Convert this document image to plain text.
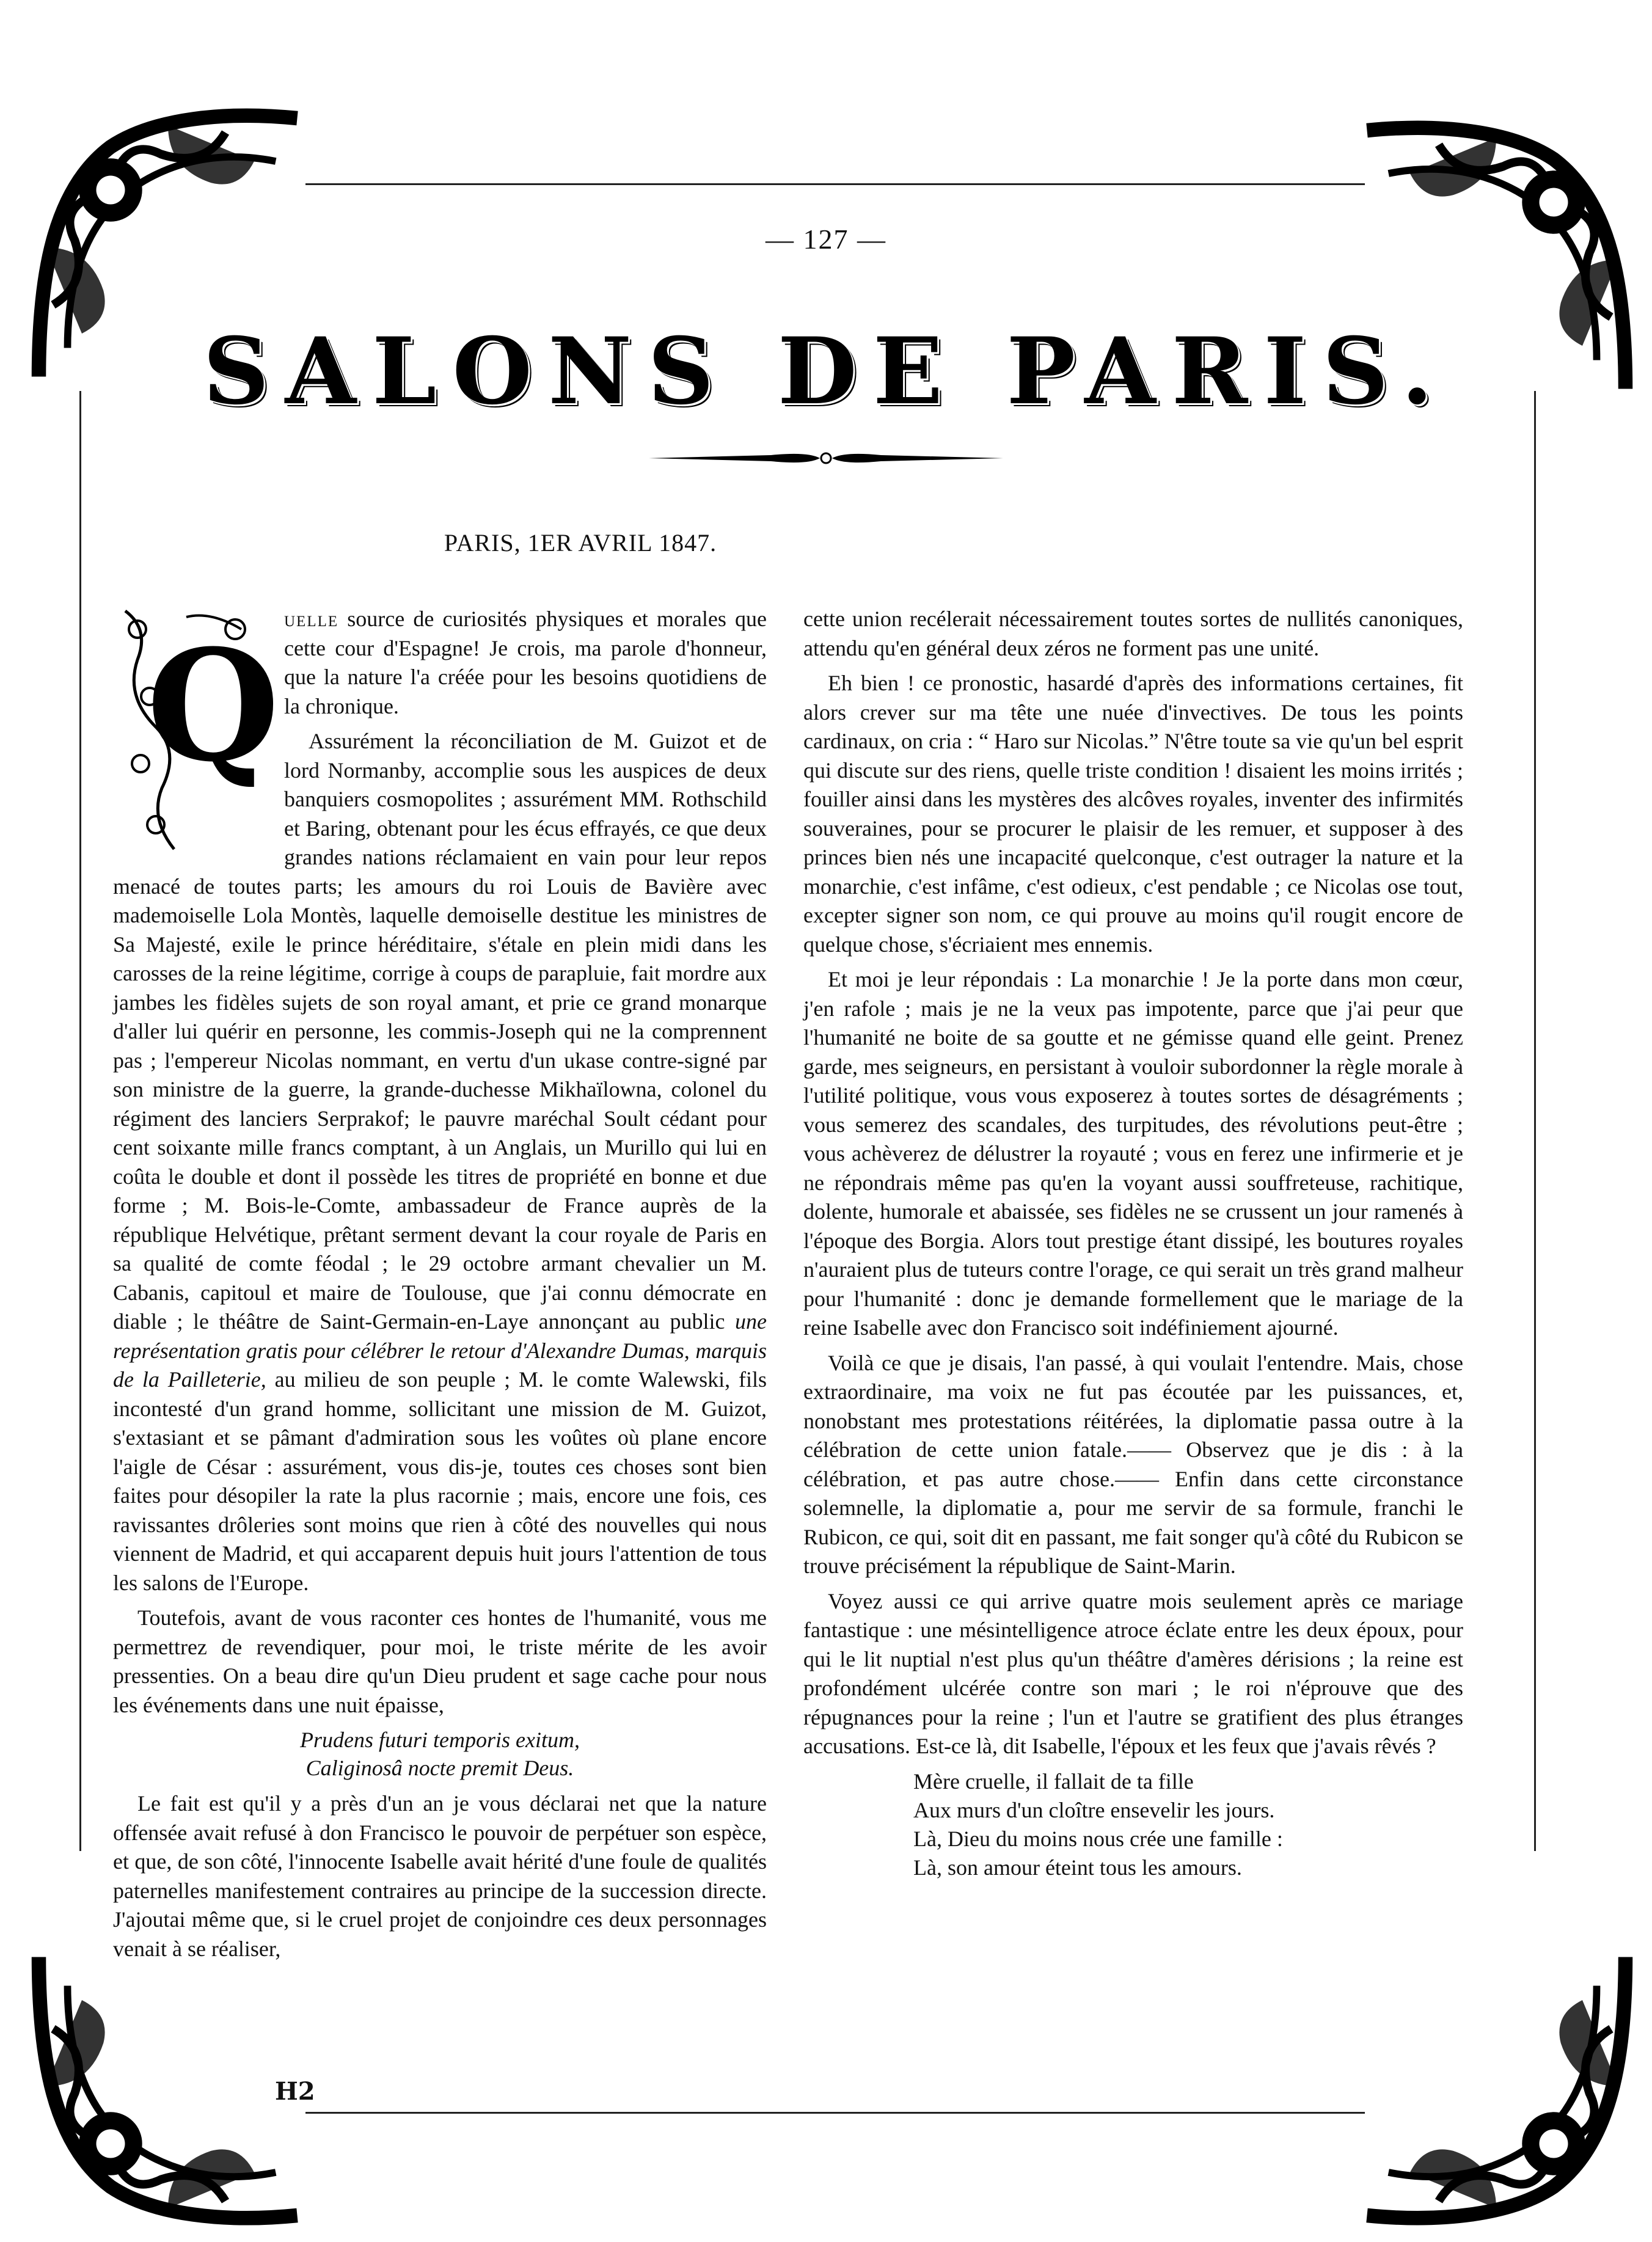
— 127 —
SALONS DE PARIS.
PARIS, 1ER AVRIL 1847.

Q uelle source de curiosités physiques et morales que cette cour d'Espagne! Je crois, ma parole d'honneur, que la nature l'a créée pour les besoins quotidiens de la chronique.

Assurément la réconciliation de M. Guizot et de lord Normanby, accomplie sous les auspices de deux banquiers cosmopolites ; assurément MM. Rothschild et Baring, obtenant pour les écus effrayés, ce que deux grandes nations réclamaient en vain pour leur repos menacé de toutes parts; les amours du roi Louis de Bavière avec mademoiselle Lola Montès, laquelle demoiselle destitue les ministres de Sa Majesté, exile le prince héréditaire, s'étale en plein midi dans les carosses de la reine légitime, corrige à coups de parapluie, fait mordre aux jambes les fidèles sujets de son royal amant, et prie ce grand monarque d'aller lui quérir en personne, les commis-Joseph qui ne la comprennent pas ; l'empereur Nicolas nommant, en vertu d'un ukase contre-signé par son ministre de la guerre, la grande-duchesse Mikhaïlowna, colonel du régiment des lanciers Serprakof; le pauvre maréchal Soult cédant pour cent soixante mille francs comptant, à un Anglais, un Murillo qui lui en coûta le double et dont il possède les titres de propriété en bonne et due forme ; M. Bois-le-Comte, ambassadeur de France auprès de la république Helvétique, prêtant serment devant la cour royale de Paris en sa qualité de comte féodal ; le 29 octobre armant chevalier un M. Cabanis, capitoul et maire de Toulouse, que j'ai connu démocrate en diable ; le théâtre de Saint-Germain-en-Laye annonçant au public une représentation gratis pour célébrer le retour d'Alexandre Dumas, marquis de la Pailleterie, au milieu de son peuple ; M. le comte Walewski, fils incontesté d'un grand homme, sollicitant une mission de M. Guizot, s'extasiant et se pâmant d'admiration sous les voûtes où plane encore l'aigle de César : assurément, vous dis-je, toutes ces choses sont bien faites pour désopiler la rate la plus racornie ; mais, encore une fois, ces ravissantes drôleries sont moins que rien à côté des nouvelles qui nous viennent de Madrid, et qui accaparent depuis huit jours l'attention de tous les salons de l'Europe.

Toutefois, avant de vous raconter ces hontes de l'humanité, vous me permettrez de revendiquer, pour moi, le triste mérite de les avoir pressenties. On a beau dire qu'un Dieu prudent et sage cache pour nous les événements dans une nuit épaisse,

Prudens futuri temporis exitum,
Caliginosâ nocte premit Deus.

Le fait est qu'il y a près d'un an je vous déclarai net que la nature offensée avait refusé à don Francisco le pouvoir de perpétuer son espèce, et que, de son côté, l'innocente Isabelle avait hérité d'une foule de qualités paternelles manifestement contraires au principe de la succession directe. J'ajoutai même que, si le cruel projet de conjoindre ces deux personnages venait à se réaliser,

H2

cette union recélerait nécessairement toutes sortes de nullités canoniques, attendu qu'en général deux zéros ne forment pas une unité.

Eh bien ! ce pronostic, hasardé d'après des informations certaines, fit alors crever sur ma tête une nuée d'invectives. De tous les points cardinaux, on cria : “ Haro sur Nicolas.” N'être toute sa vie qu'un bel esprit qui discute sur des riens, quelle triste condition ! disaient les moins irrités ; fouiller ainsi dans les mystères des alcôves royales, inventer des infirmités souveraines, pour se procurer le plaisir de les remuer, et supposer à des princes bien nés une incapacité quelconque, c'est outrager la nature et la monarchie, c'est infâme, c'est odieux, c'est pendable ; ce Nicolas ose tout, excepter signer son nom, ce qui prouve au moins qu'il rougit encore de quelque chose, s'écriaient mes ennemis.

Et moi je leur répondais : La monarchie ! Je la porte dans mon cœur, j'en rafole ; mais je ne la veux pas impotente, parce que j'ai peur que l'humanité ne boite de sa goutte et ne gémisse quand elle geint. Prenez garde, mes seigneurs, en persistant à vouloir subordonner la règle morale à l'utilité politique, vous vous exposerez à toutes sortes de désagréments ; vous semerez des scandales, des turpitudes, des révolutions peut-être ; vous achèverez de délustrer la royauté ; vous en ferez une infirmerie et je ne répondrais même pas qu'en la voyant aussi souffreteuse, rachitique, dolente, humorale et abaissée, ses fidèles ne se crussent un jour ramenés à l'époque des Borgia. Alors tout prestige étant dissipé, les boutures royales n'auraient plus de tuteurs contre l'orage, ce qui serait un très grand malheur pour l'humanité : donc je demande formellement que le mariage de la reine Isabelle avec don Francisco soit indéfiniement ajourné.

Voilà ce que je disais, l'an passé, à qui voulait l'entendre. Mais, chose extraordinaire, ma voix ne fut pas écoutée par les puissances, et, nonobstant mes protestations réitérées, la diplomatie passa outre à la célébration de cette union fatale.—— Observez que je dis : à la célébration, et pas autre chose.—— Enfin dans cette circonstance solemnelle, la diplomatie a, pour me servir de sa formule, franchi le Rubicon, ce qui, soit dit en passant, me fait songer qu'à côté du Rubicon se trouve précisément la république de Saint-Marin.

Voyez aussi ce qui arrive quatre mois seulement après ce mariage fantastique : une mésintelligence atroce éclate entre les deux époux, pour qui le lit nuptial n'est plus qu'un théâtre d'amères dérisions ; la reine est profondément ulcérée contre son mari ; le roi n'éprouve que des répugnances pour la reine ; l'un et l'autre se gratifient des plus étranges accusations. Est-ce là, dit Isabelle, l'époux et les feux que j'avais rêvés ?

Mère cruelle, il fallait de ta fille
Aux murs d'un cloître ensevelir les jours.
Là, Dieu du moins nous crée une famille :
Là, son amour éteint tous les amours.
